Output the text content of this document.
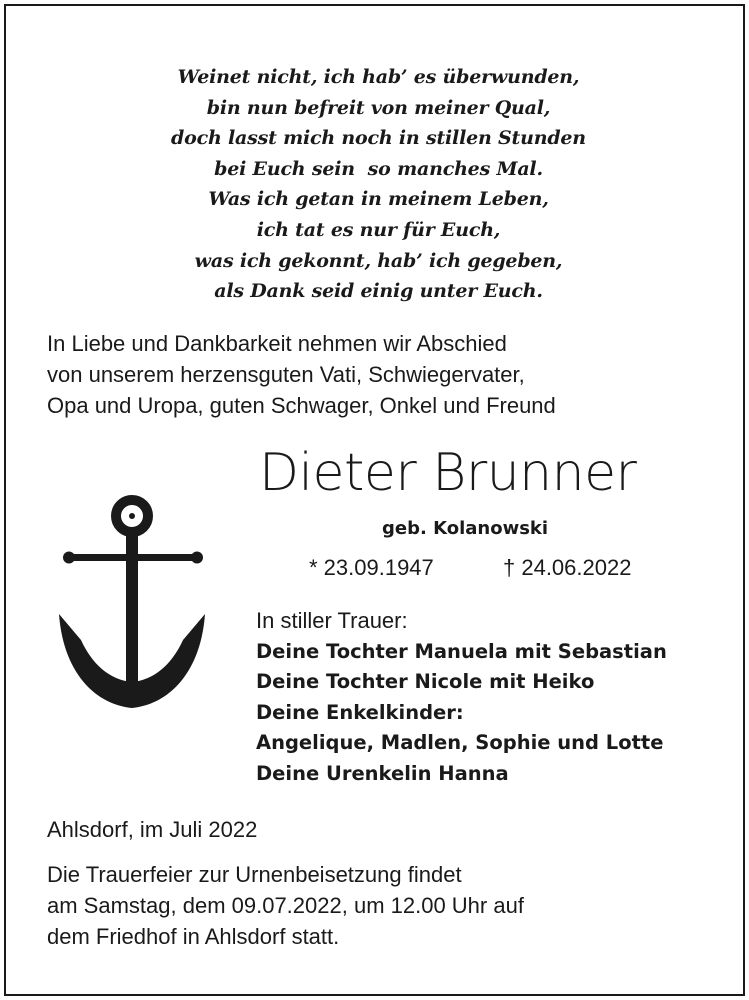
Weinet nicht, ich hab’ es überwunden,
bin nun befreit von meiner Qual,
doch lasst mich noch in stillen Stunden
bei Euch sein  so manches Mal.
Was ich getan in meinem Leben,
ich tat es nur für Euch,
was ich gekonnt, hab’ ich gegeben,
als Dank seid einig unter Euch.
In Liebe und Dankbarkeit nehmen wir Abschied
von unserem herzensguten Vati, Schwiegervater,
Opa und Uropa, guten Schwager, Onkel und Freund
Dieter Brunner
geb. Kolanowski
* 23.09.1947	† 24.06.2022
In stiller Trauer:
Deine Tochter Manuela mit Sebastian
Deine Tochter Nicole mit Heiko
Deine Enkelkinder:
Angelique, Madlen, Sophie und Lotte
Deine Urenkelin Hanna
Ahlsdorf, im Juli 2022
Die Trauerfeier zur Urnenbeisetzung findet
am Samstag, dem 09.07.2022, um 12.00 Uhr auf
dem Friedhof in Ahlsdorf statt.
